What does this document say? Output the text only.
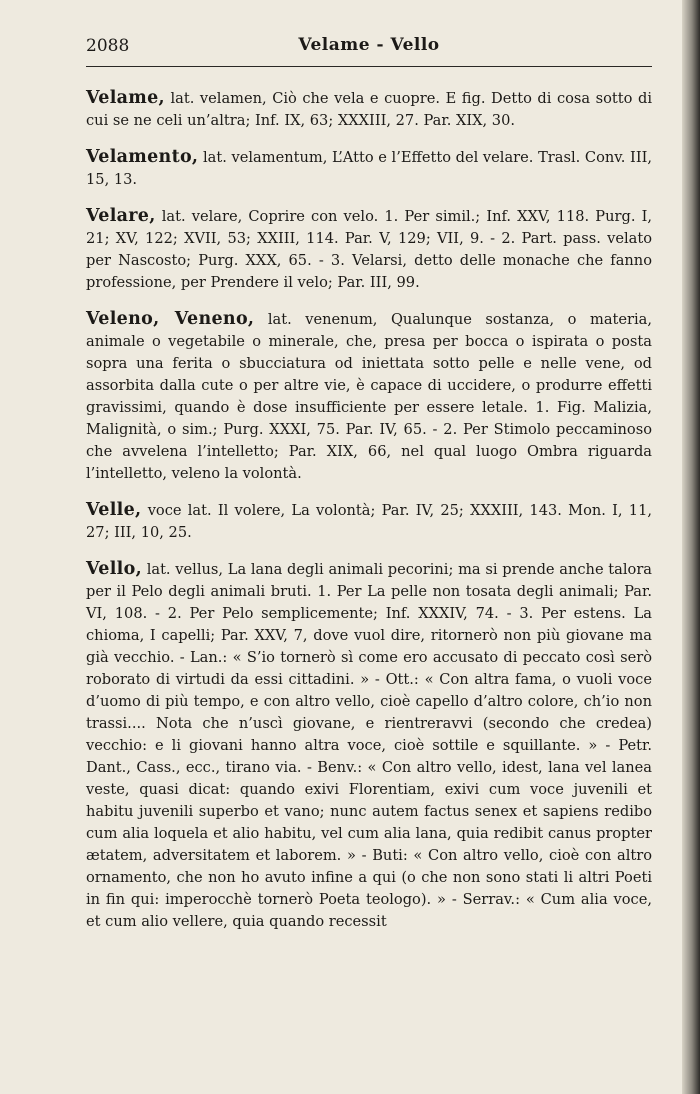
2088	Velame - Vello

Velame, lat. velamen, Ciò che vela e cuopre. E fig. Detto di cosa sotto di cui se ne celi un’altra; Inf. IX, 63; XXXIII, 27. Par. XIX, 30.

Velamento, lat. velamentum, L’Atto e l’Effetto del velare. Trasl. Conv. III, 15, 13.

Velare, lat. velare, Coprire con velo. 1. Per simil.; Inf. XXV, 118. Purg. I, 21; XV, 122; XVII, 53; XXIII, 114. Par. V, 129; VII, 9. - 2. Part. pass. velato per Nascosto; Purg. XXX, 65. - 3. Velarsi, detto delle monache che fanno professione, per Prendere il velo; Par. III, 99.

Veleno, Veneno, lat. venenum, Qualunque sostanza, o materia, animale o vegetabile o minerale, che, presa per bocca o ispirata o posta sopra una ferita o sbucciatura od iniettata sotto pelle e nelle vene, od assorbita dalla cute o per altre vie, è capace di uccidere, o produrre effetti gravissimi, quando è dose insufficiente per essere letale. 1. Fig. Malizia, Malignità, o sim.; Purg. XXXI, 75. Par. IV, 65. - 2. Per Stimolo peccaminoso che avvelena l’intelletto; Par. XIX, 66, nel qual luogo Ombra riguarda l’intelletto, veleno la volontà.

Velle, voce lat. Il volere, La volontà; Par. IV, 25; XXXIII, 143. Mon. I, 11, 27; III, 10, 25.

Vello, lat. vellus, La lana degli animali pecorini; ma si prende anche talora per il Pelo degli animali bruti. 1. Per La pelle non tosata degli animali; Par. VI, 108. - 2. Per Pelo semplicemente; Inf. XXXIV, 74. - 3. Per estens. La chioma, I capelli; Par. XXV, 7, dove vuol dire, ritornerò non più giovane ma già vecchio. - Lan.: « S’io tornerò sì come ero accusato di peccato così serò roborato di virtudi da essi cittadini. » - Ott.: « Con altra fama, o vuoli voce d’uomo di più tempo, e con altro vello, cioè capello d’altro colore, ch’io non trassi.... Nota che n’uscì giovane, e rientreravvi (secondo che credea) vecchio: e li giovani hanno altra voce, cioè sottile e squillante. » - Petr. Dant., Cass., ecc., tirano via. - Benv.: « Con altro vello, idest, lana vel lanea veste, quasi dicat: quando exivi Florentiam, exivi cum voce juvenili et habitu juvenili superbo et vano; nunc autem factus senex et sapiens redibo cum alia loquela et alio habitu, vel cum alia lana, quia redibit canus propter ætatem, adversitatem et laborem. » - Buti: « Con altro vello, cioè con altro ornamento, che non ho avuto infine a qui (o che non sono stati li altri Poeti in fin qui: imperocchè tornerò Poeta teologo). » - Serrav.: « Cum alia voce, et cum alio vellere, quia quando recessit
